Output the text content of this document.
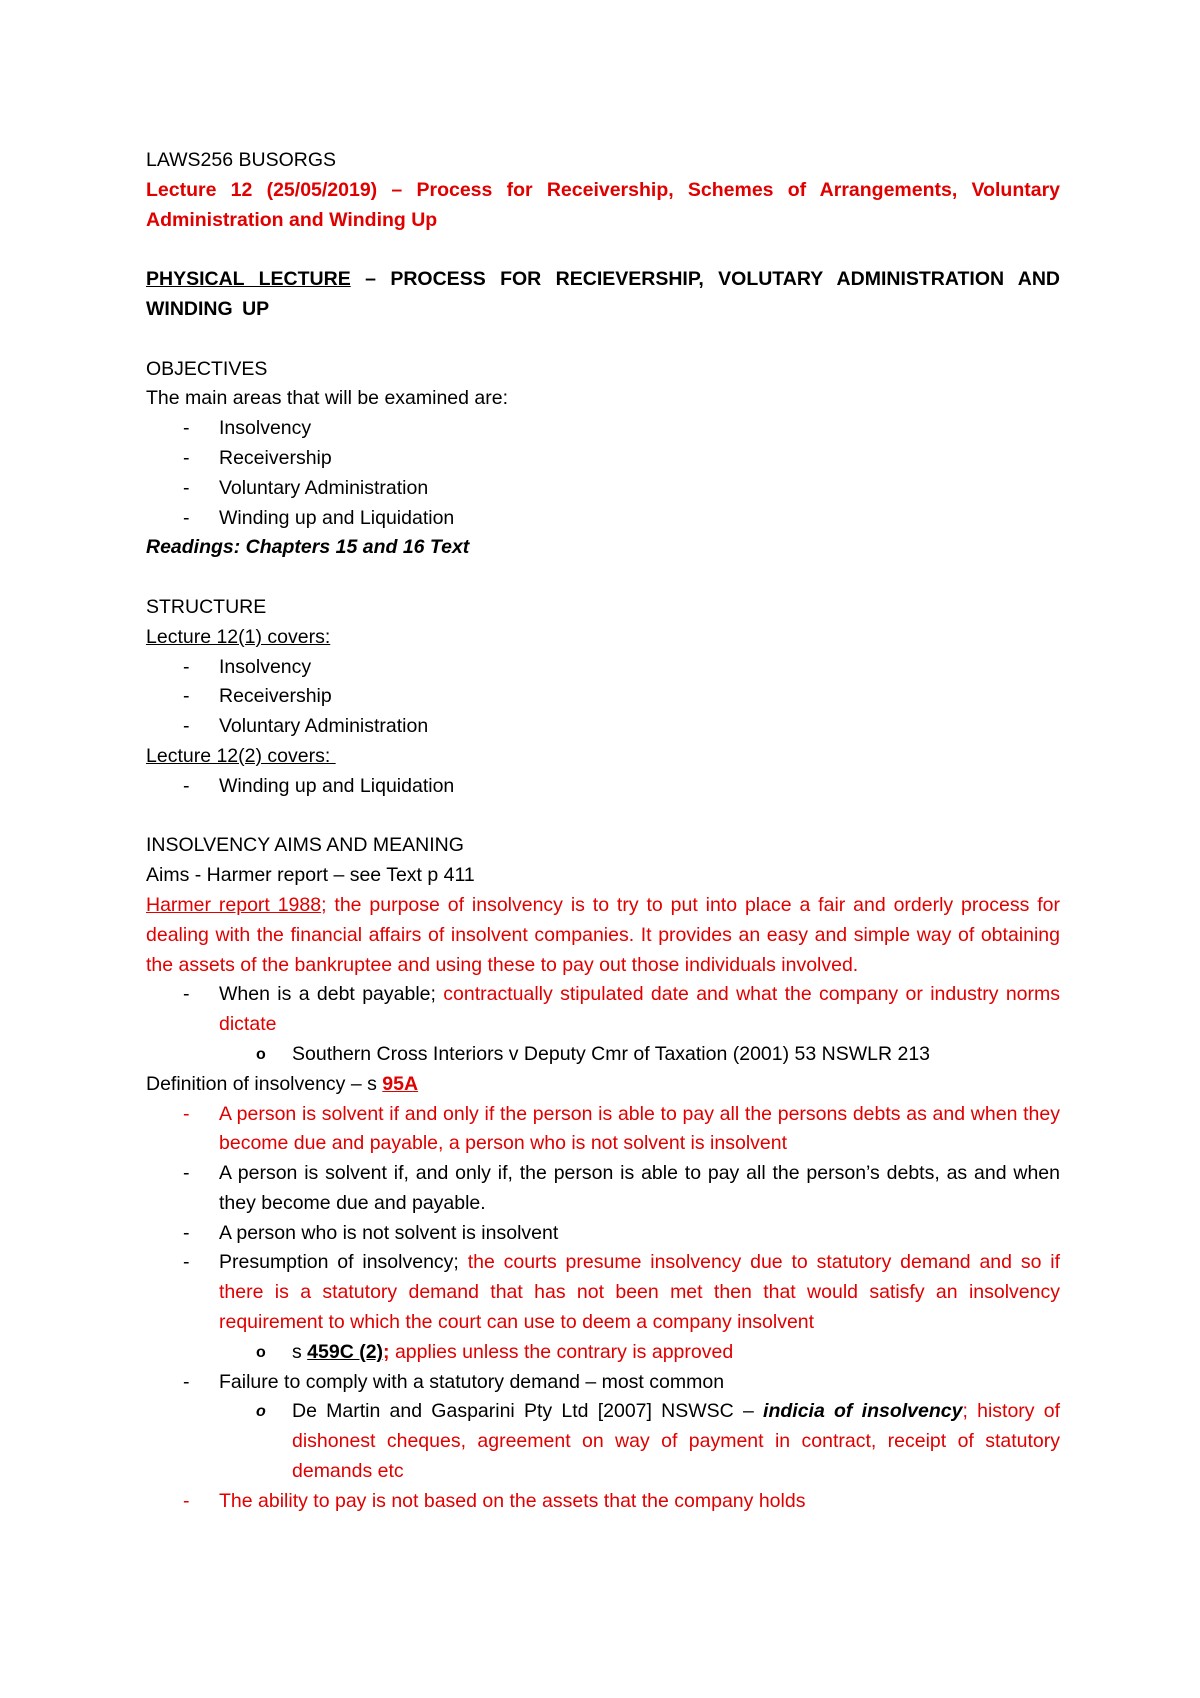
LAWS256 BUSORGS

Lecture 12 (25/05/2019) – Process for Receivership, Schemes of Arrangements, Voluntary Administration and Winding Up

PHYSICAL LECTURE – PROCESS FOR RECIEVERSHIP, VOLUTARY ADMINISTRATION AND WINDING UP

OBJECTIVES

The main areas that will be examined are:

- Insolvency
- Receivership
- Voluntary Administration
- Winding up and Liquidation

Readings: Chapters 15 and 16 Text

STRUCTURE

Lecture 12(1) covers:

- Insolvency
- Receivership
- Voluntary Administration

Lecture 12(2) covers:

- Winding up and Liquidation

INSOLVENCY AIMS AND MEANING

Aims - Harmer report – see Text p 411

Harmer report 1988; the purpose of insolvency is to try to put into place a fair and orderly process for dealing with the financial affairs of insolvent companies. It provides an easy and simple way of obtaining the assets of the bankruptee and using these to pay out those individuals involved.

- When is a debt payable; contractually stipulated date and what the company or industry norms dictate
o Southern Cross Interiors v Deputy Cmr of Taxation (2001) 53 NSWLR 213

Definition of insolvency – s 95A

- A person is solvent if and only if the person is able to pay all the persons debts as and when they become due and payable, a person who is not solvent is insolvent
- A person is solvent if, and only if, the person is able to pay all the person’s debts, as and when they become due and payable.
- A person who is not solvent is insolvent
- Presumption of insolvency; the courts presume insolvency due to statutory demand and so if there is a statutory demand that has not been met then that would satisfy an insolvency requirement to which the court can use to deem a company insolvent
o s 459C (2); applies unless the contrary is approved
- Failure to comply with a statutory demand – most common
o De Martin and Gasparini Pty Ltd [2007] NSWSC – indicia of insolvency; history of dishonest cheques, agreement on way of payment in contract, receipt of statutory demands etc
- The ability to pay is not based on the assets that the company holds
